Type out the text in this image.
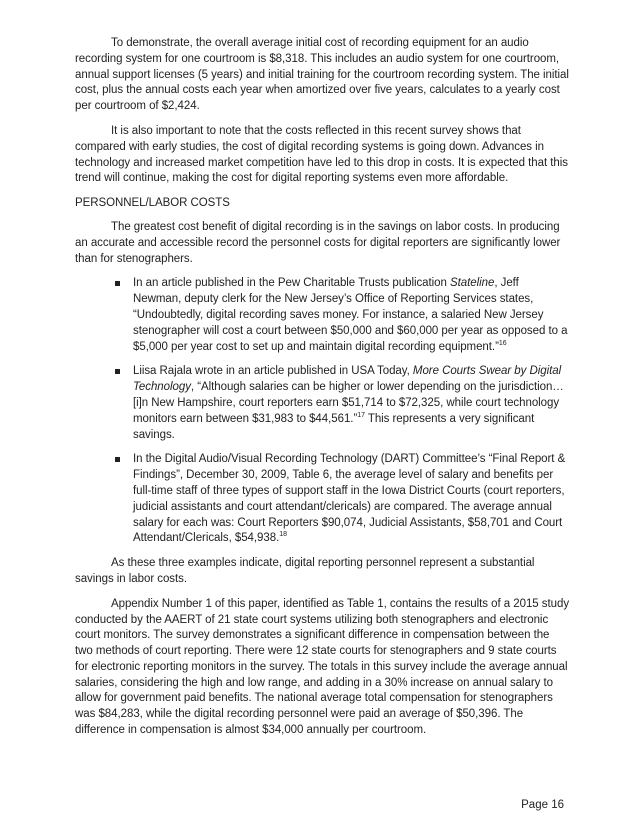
To demonstrate, the overall average initial cost of recording equipment for an audio recording system for one courtroom is $8,318. This includes an audio system for one courtroom, annual support licenses (5 years) and initial training for the courtroom recording system. The initial cost, plus the annual costs each year when amortized over five years, calculates to a yearly cost per courtroom of $2,424.

It is also important to note that the costs reflected in this recent survey shows that compared with early studies, the cost of digital recording systems is going down. Advances in technology and increased market competition have led to this drop in costs. It is expected that this trend will continue, making the cost for digital reporting systems even more affordable.

PERSONNEL/LABOR COSTS

The greatest cost benefit of digital recording is in the savings on labor costs. In producing an accurate and accessible record the personnel costs for digital reporters are significantly lower than for stenographers.

In an article published in the Pew Charitable Trusts publication Stateline, Jeff Newman, deputy clerk for the New Jersey’s Office of Reporting Services states, “Undoubtedly, digital recording saves money. For instance, a salaried New Jersey stenographer will cost a court between $50,000 and $60,000 per year as opposed to a $5,000 per year cost to set up and maintain digital recording equipment.”$^{16}$
Liisa Rajala wrote in an article published in USA Today, More Courts Swear by Digital Technology, “Although salaries can be higher or lower depending on the jurisdiction…[i]n New Hampshire, court reporters earn $51,714 to $72,325, while court technology monitors earn between $31,983 to $44,561.”$^{17}$ This represents a very significant savings.
In the Digital Audio/Visual Recording Technology (DART) Committee’s “Final Report & Findings”, December 30, 2009, Table 6, the average level of salary and benefits per full-time staff of three types of support staff in the Iowa District Courts (court reporters, judicial assistants and court attendant/clericals) are compared. The average annual salary for each was: Court Reporters $90,074, Judicial Assistants, $58,701 and Court Attendant/Clericals, $54,938.18

As these three examples indicate, digital reporting personnel represent a substantial savings in labor costs.

Appendix Number 1 of this paper, identified as Table 1, contains the results of a 2015 study conducted by the AAERT of 21 state court systems utilizing both stenographers and electronic court monitors. The survey demonstrates a significant difference in compensation between the two methods of court reporting. There were 12 state courts for stenographers and 9 state courts for electronic reporting monitors in the survey. The totals in this survey include the average annual salaries, considering the high and low range, and adding in a 30% increase on annual salary to allow for government paid benefits. The national average total compensation for stenographers was $84,283, while the digital recording personnel were paid an average of $50,396. The difference in compensation is almost $34,000 annually per courtroom.

Page 16
